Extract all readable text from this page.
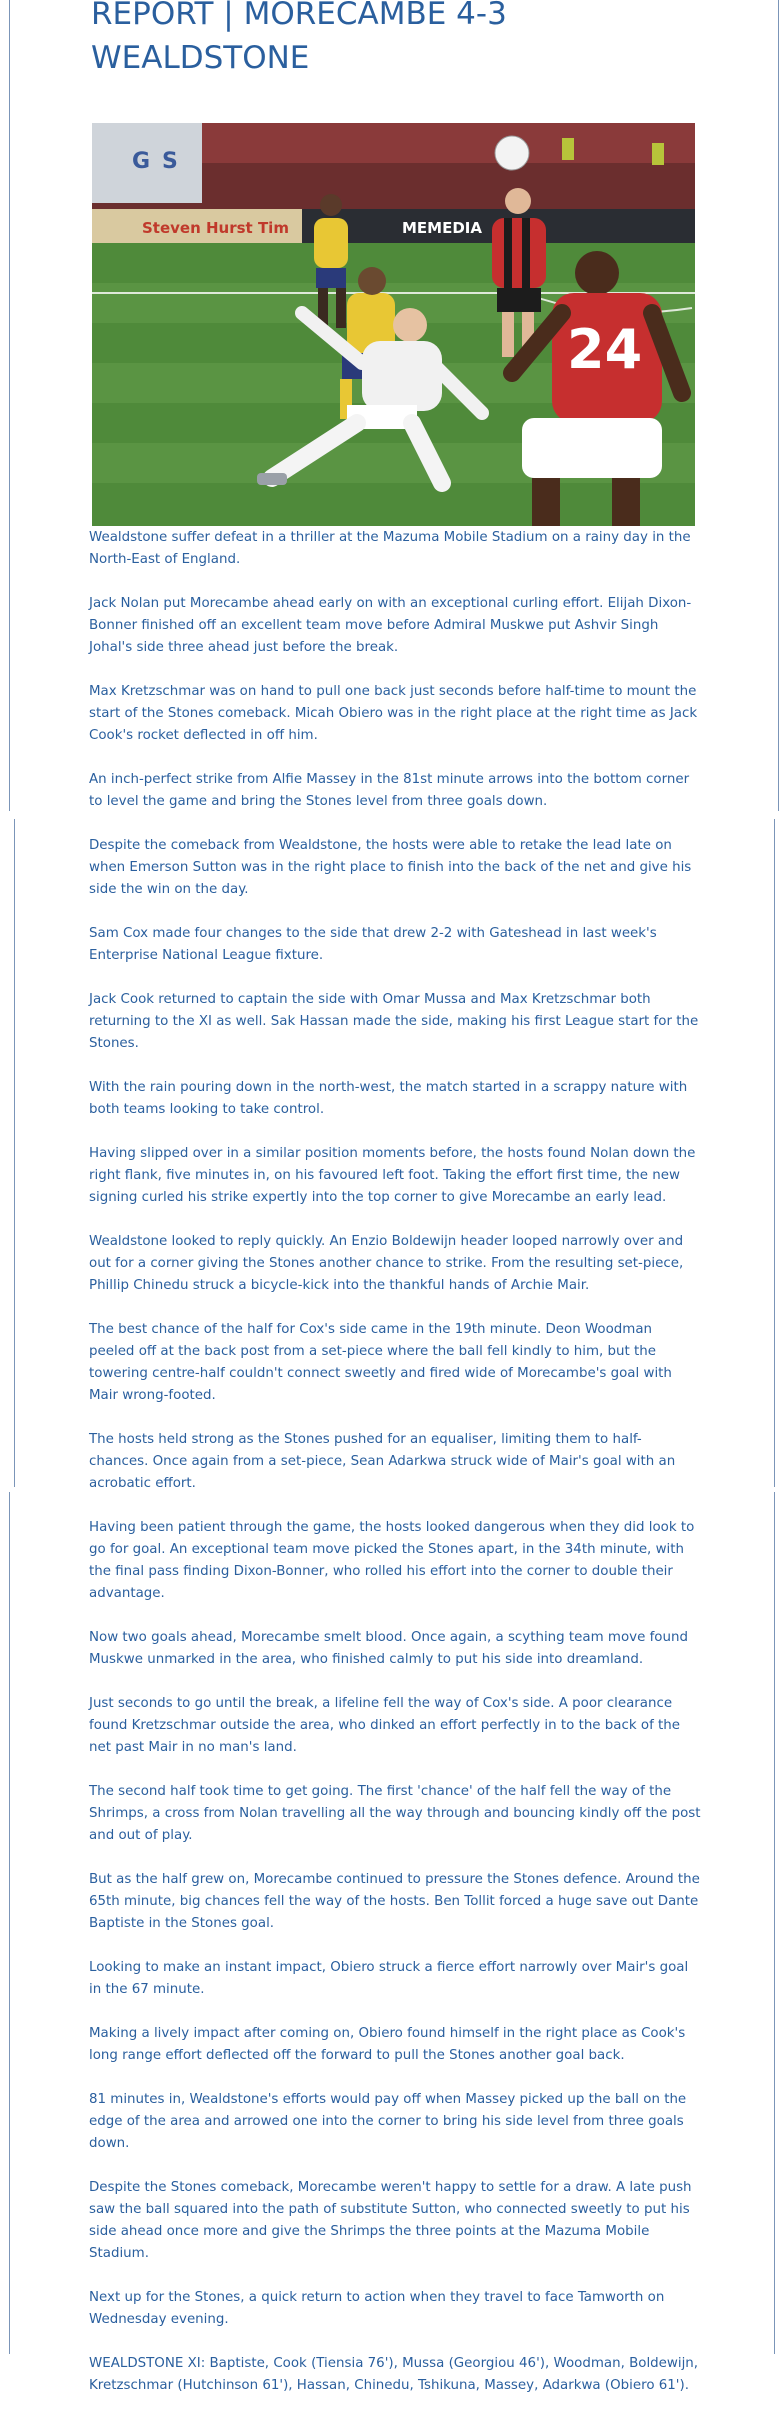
REPORT | MORECAMBE 4-3 WEALDSTONE
G S
Steven Hurst Tim	MEMEDIA
24

Wealdstone suffer defeat in a thriller at the Mazuma Mobile Stadium on a rainy day in the North-East of England.

Jack Nolan put Morecambe ahead early on with an exceptional curling effort. Elijah Dixon-Bonner finished off an excellent team move before Admiral Muskwe put Ashvir Singh Johal's side three ahead just before the break.

Max Kretzschmar was on hand to pull one back just seconds before half-time to mount the start of the Stones comeback. Micah Obiero was in the right place at the right time as Jack Cook's rocket deflected in off him.

An inch-perfect strike from Alfie Massey in the 81st minute arrows into the bottom corner to level the game and bring the Stones level from three goals down.

Despite the comeback from Wealdstone, the hosts were able to retake the lead late on when Emerson Sutton was in the right place to finish into the back of the net and give his side the win on the day.

Sam Cox made four changes to the side that drew 2-2 with Gateshead in last week's Enterprise National League fixture.

Jack Cook returned to captain the side with Omar Mussa and Max Kretzschmar both returning to the XI as well. Sak Hassan made the side, making his first League start for the Stones.

With the rain pouring down in the north-west, the match started in a scrappy nature with both teams looking to take control.

Having slipped over in a similar position moments before, the hosts found Nolan down the right flank, five minutes in, on his favoured left foot. Taking the effort first time, the new signing curled his strike expertly into the top corner to give Morecambe an early lead.

Wealdstone looked to reply quickly. An Enzio Boldewijn header looped narrowly over and out for a corner giving the Stones another chance to strike. From the resulting set-piece, Phillip Chinedu struck a bicycle-kick into the thankful hands of Archie Mair.

The best chance of the half for Cox's side came in the 19th minute. Deon Woodman peeled off at the back post from a set-piece where the ball fell kindly to him, but the towering centre-half couldn't connect sweetly and fired wide of Morecambe's goal with Mair wrong-footed.

The hosts held strong as the Stones pushed for an equaliser, limiting them to half-chances. Once again from a set-piece, Sean Adarkwa struck wide of Mair's goal with an acrobatic effort.

Having been patient through the game, the hosts looked dangerous when they did look to go for goal. An exceptional team move picked the Stones apart, in the 34th minute, with the final pass finding Dixon-Bonner, who rolled his effort into the corner to double their advantage.

Now two goals ahead, Morecambe smelt blood. Once again, a scything team move found Muskwe unmarked in the area, who finished calmly to put his side into dreamland.

Just seconds to go until the break, a lifeline fell the way of Cox's side. A poor clearance found Kretzschmar outside the area, who dinked an effort perfectly in to the back of the net past Mair in no man's land.

The second half took time to get going. The first 'chance' of the half fell the way of the Shrimps, a cross from Nolan travelling all the way through and bouncing kindly off the post and out of play.

But as the half grew on, Morecambe continued to pressure the Stones defence. Around the 65th minute, big chances fell the way of the hosts. Ben Tollit forced a huge save out Dante Baptiste in the Stones goal.

Looking to make an instant impact, Obiero struck a fierce effort narrowly over Mair's goal in the 67 minute.

Making a lively impact after coming on, Obiero found himself in the right place as Cook's long range effort deflected off the forward to pull the Stones another goal back.

81 minutes in, Wealdstone's efforts would pay off when Massey picked up the ball on the edge of the area and arrowed one into the corner to bring his side level from three goals down.

Despite the Stones comeback, Morecambe weren't happy to settle for a draw. A late push saw the ball squared into the path of substitute Sutton, who connected sweetly to put his side ahead once more and give the Shrimps the three points at the Mazuma Mobile Stadium.

Next up for the Stones, a quick return to action when they travel to face Tamworth on Wednesday evening.

WEALDSTONE XI: Baptiste, Cook (Tiensia 76'), Mussa (Georgiou 46'), Woodman, Boldewijn, Kretzschmar (Hutchinson 61'), Hassan, Chinedu, Tshikuna, Massey, Adarkwa (Obiero 61').
